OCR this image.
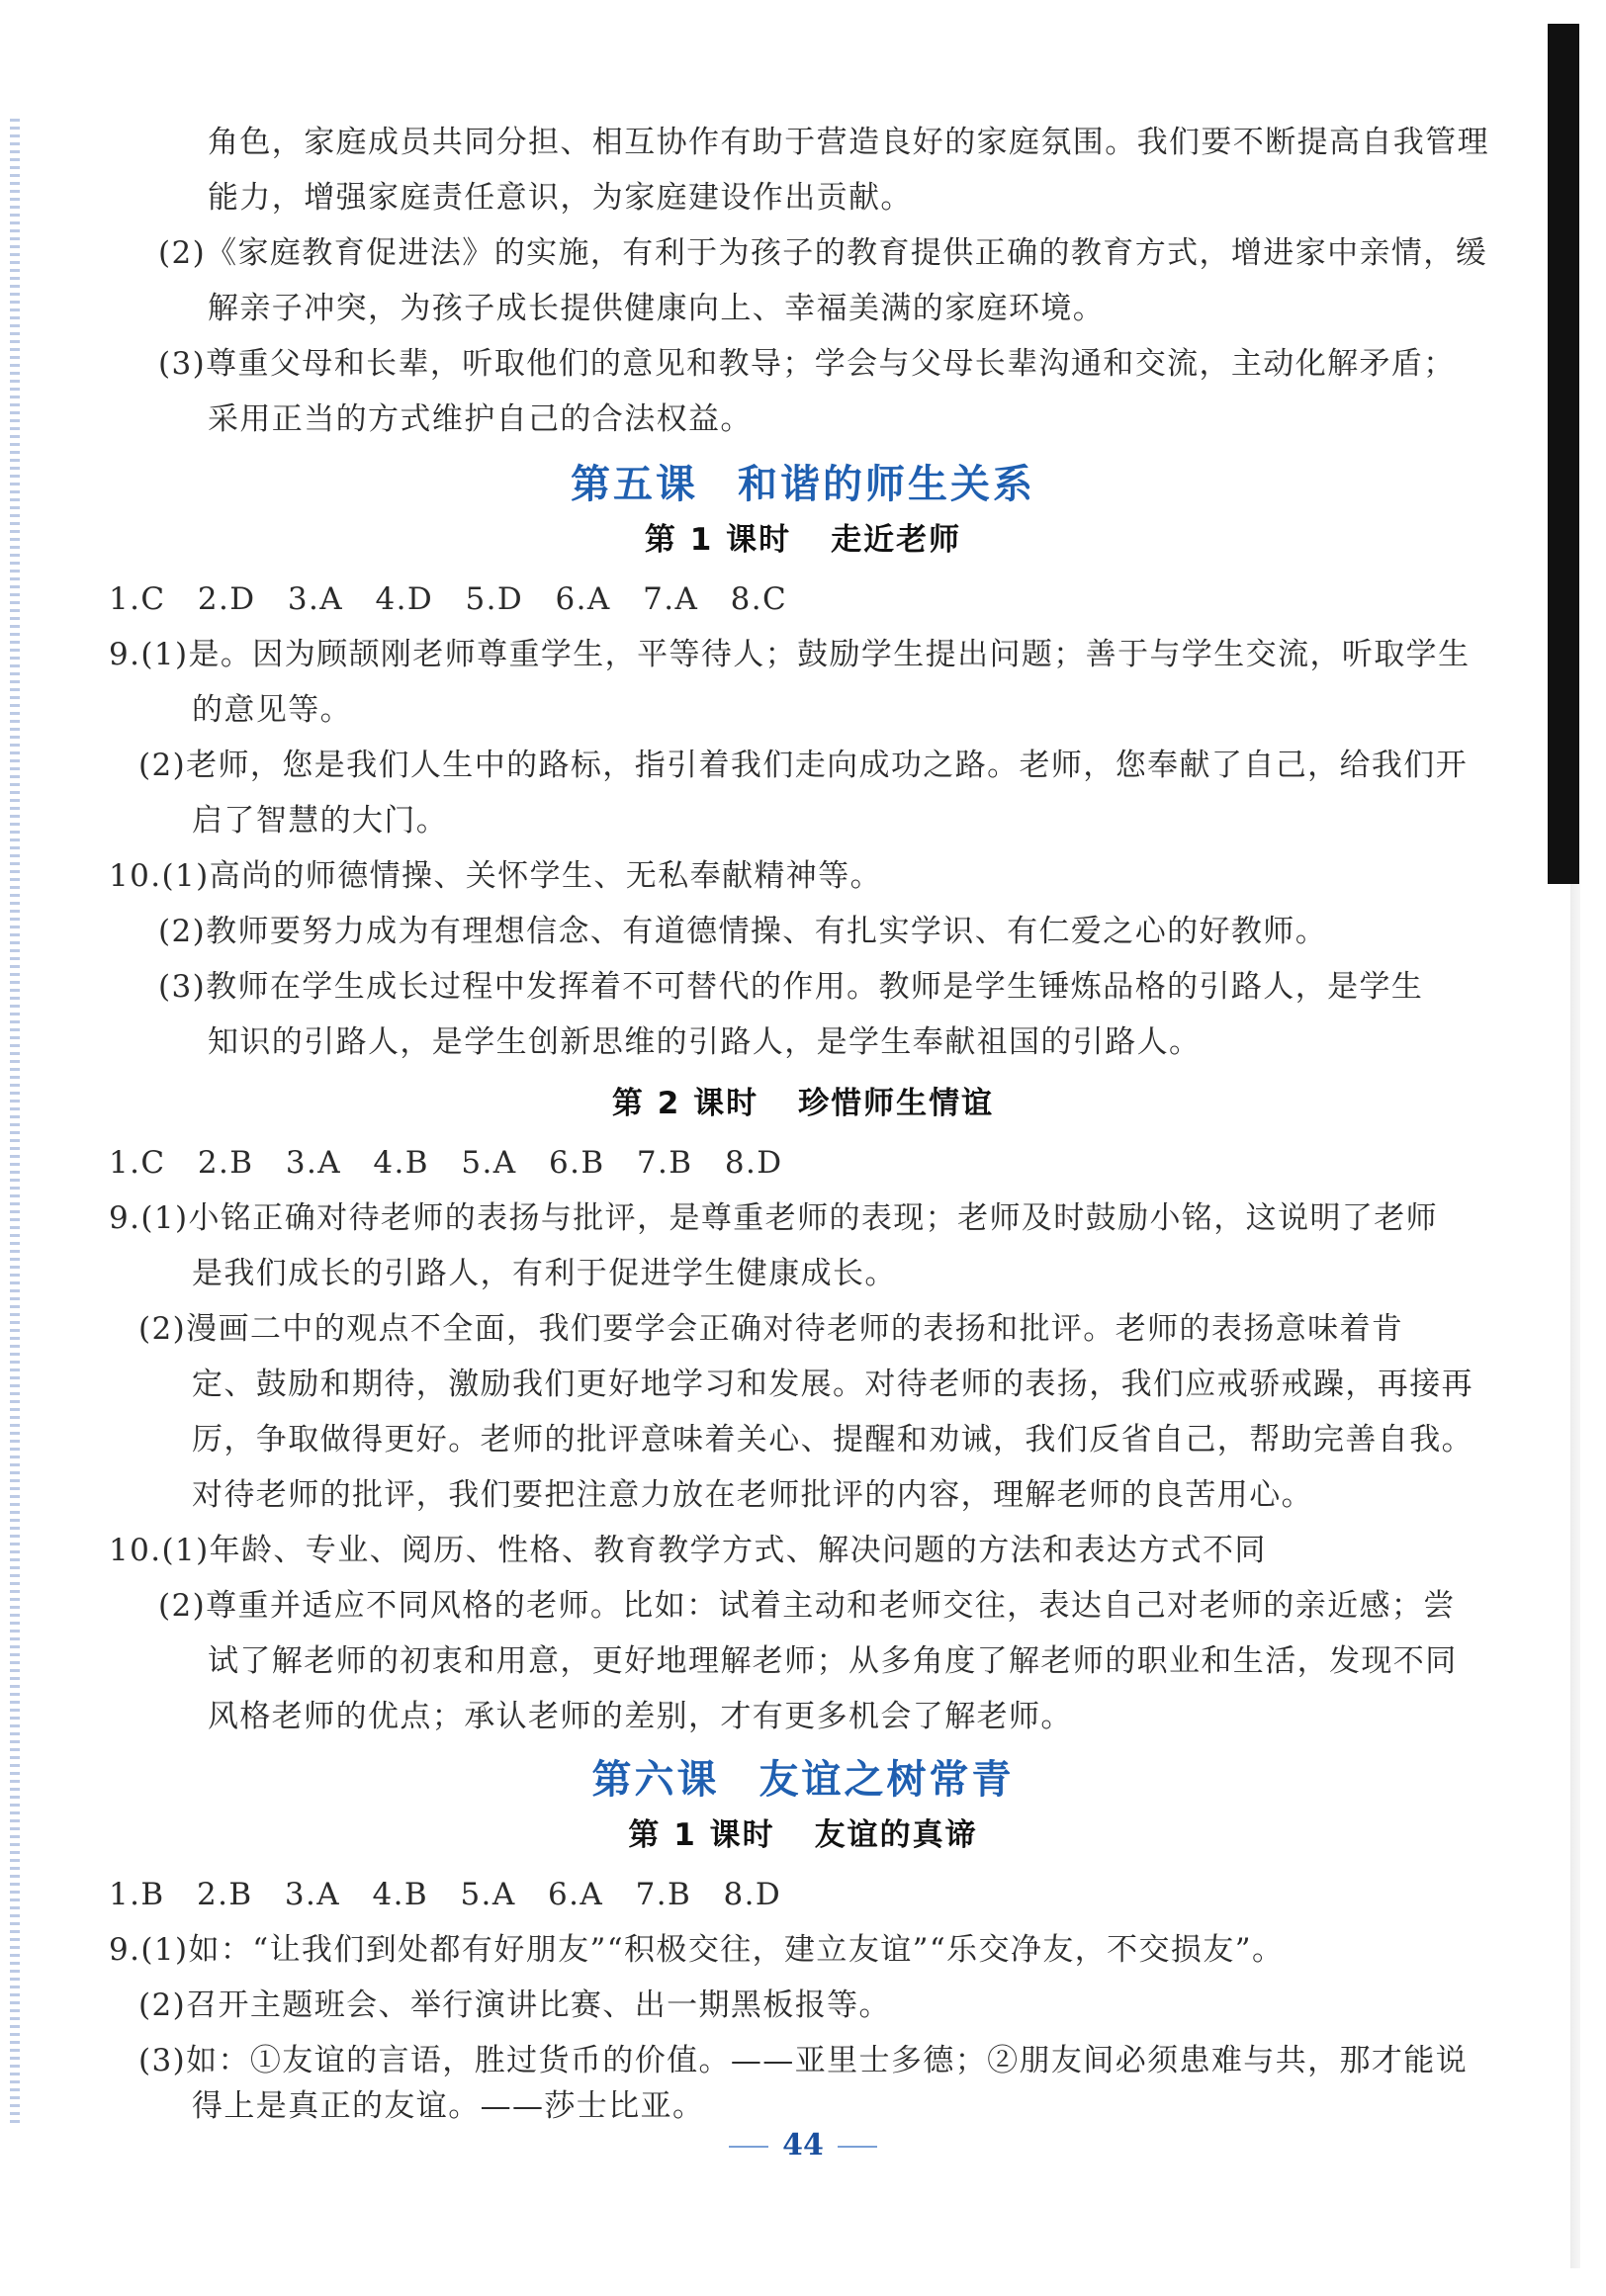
角色，家庭成员共同分担、相互协作有助于营造良好的家庭氛围。我们要不断提高自我管理
能力，增强家庭责任意识，为家庭建设作出贡献。
(2)《家庭教育促进法》的实施，有利于为孩子的教育提供正确的教育方式，增进家中亲情，缓
解亲子冲突，为孩子成长提供健康向上、幸福美满的家庭环境。
(3)尊重父母和长辈，听取他们的意见和教导；学会与父母长辈沟通和交流，主动化解矛盾；
采用正当的方式维护自己的合法权益。
第五课 和谐的师生关系
第 1 课时 走近老师
1.C　2.D　3.A　4.D　5.D　6.A　7.A　8.C
9.(1)是。因为顾颉刚老师尊重学生，平等待人；鼓励学生提出问题；善于与学生交流，听取学生
的意见等。
(2)老师，您是我们人生中的路标，指引着我们走向成功之路。老师，您奉献了自己，给我们开
启了智慧的大门。
10.(1)高尚的师德情操、关怀学生、无私奉献精神等。
(2)教师要努力成为有理想信念、有道德情操、有扎实学识、有仁爱之心的好教师。
(3)教师在学生成长过程中发挥着不可替代的作用。教师是学生锤炼品格的引路人，是学生
知识的引路人，是学生创新思维的引路人，是学生奉献祖国的引路人。
第 2 课时 珍惜师生情谊
1.C　2.B　3.A　4.B　5.A　6.B　7.B　8.D
9.(1)小铭正确对待老师的表扬与批评，是尊重老师的表现；老师及时鼓励小铭，这说明了老师
是我们成长的引路人，有利于促进学生健康成长。
(2)漫画二中的观点不全面，我们要学会正确对待老师的表扬和批评。老师的表扬意味着肯
定、鼓励和期待，激励我们更好地学习和发展。对待老师的表扬，我们应戒骄戒躁，再接再
厉，争取做得更好。老师的批评意味着关心、提醒和劝诫，我们反省自己，帮助完善自我。
对待老师的批评，我们要把注意力放在老师批评的内容，理解老师的良苦用心。
10.(1)年龄、专业、阅历、性格、教育教学方式、解决问题的方法和表达方式不同
(2)尊重并适应不同风格的老师。比如：试着主动和老师交往，表达自己对老师的亲近感；尝
试了解老师的初衷和用意，更好地理解老师；从多角度了解老师的职业和生活，发现不同
风格老师的优点；承认老师的差别，才有更多机会了解老师。
第六课 友谊之树常青
第 1 课时 友谊的真谛
1.B　2.B　3.A　4.B　5.A　6.A　7.B　8.D
9.(1)如：“让我们到处都有好朋友”“积极交往，建立友谊”“乐交净友，不交损友”。
(2)召开主题班会、举行演讲比赛、出一期黑板报等。
(3)如：①友谊的言语，胜过货币的价值。——亚里士多德；②朋友间必须患难与共，那才能说
得上是真正的友谊。——莎士比亚。
44
